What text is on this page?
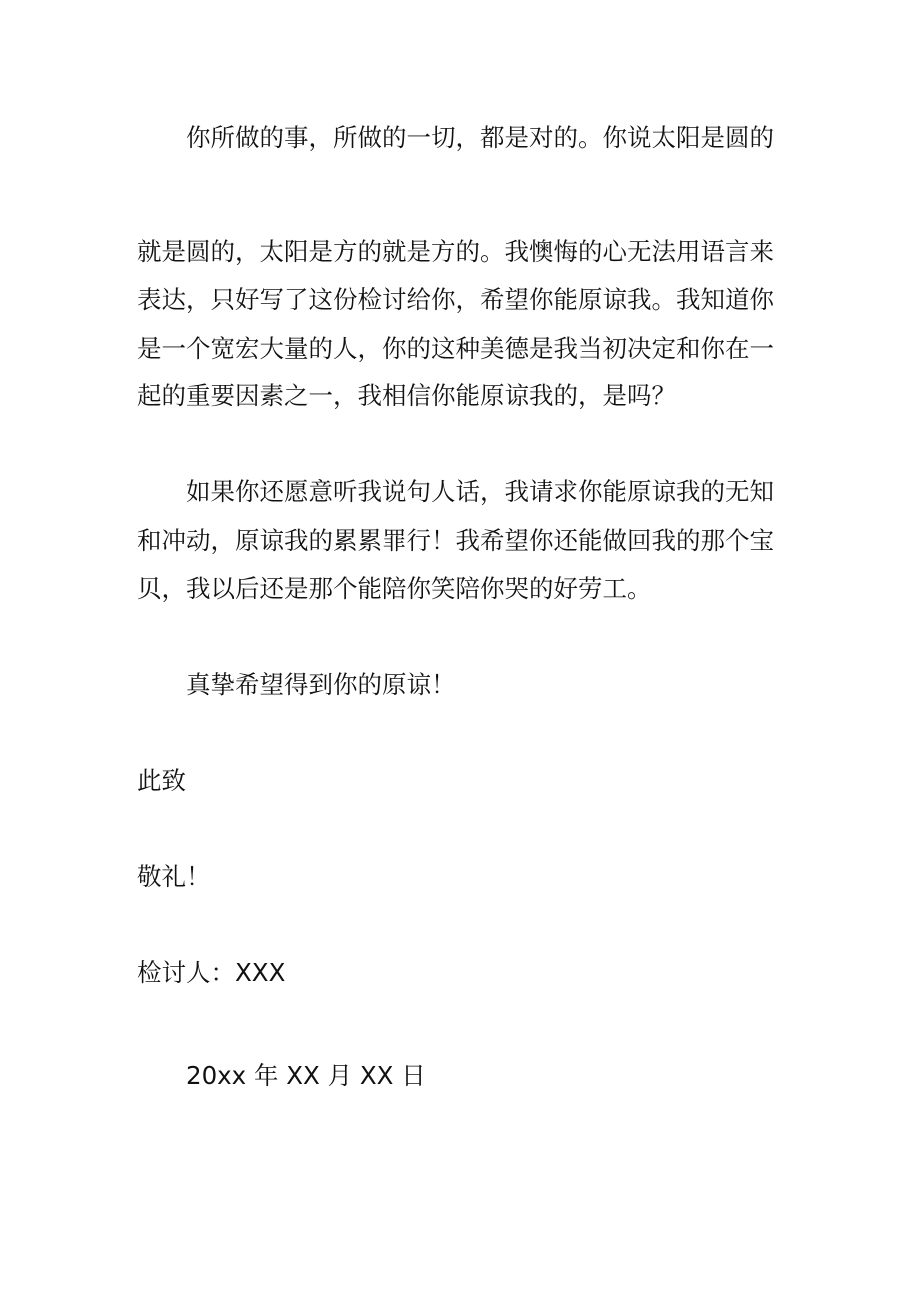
你所做的事，所做的一切，都是对的。你说太阳是圆的
就是圆的，太阳是方的就是方的。我懊悔的心无法用语言来
表达，只好写了这份检讨给你，希望你能原谅我。我知道你
是一个宽宏大量的人，你的这种美德是我当初决定和你在一
起的重要因素之一，我相信你能原谅我的，是吗？
如果你还愿意听我说句人话，我请求你能原谅我的无知
和冲动，原谅我的累累罪行！我希望你还能做回我的那个宝
贝，我以后还是那个能陪你笑陪你哭的好劳工。
真挚希望得到你的原谅！
此致
敬礼！
检讨人：XXX
20xx 年 XX 月 XX 日
